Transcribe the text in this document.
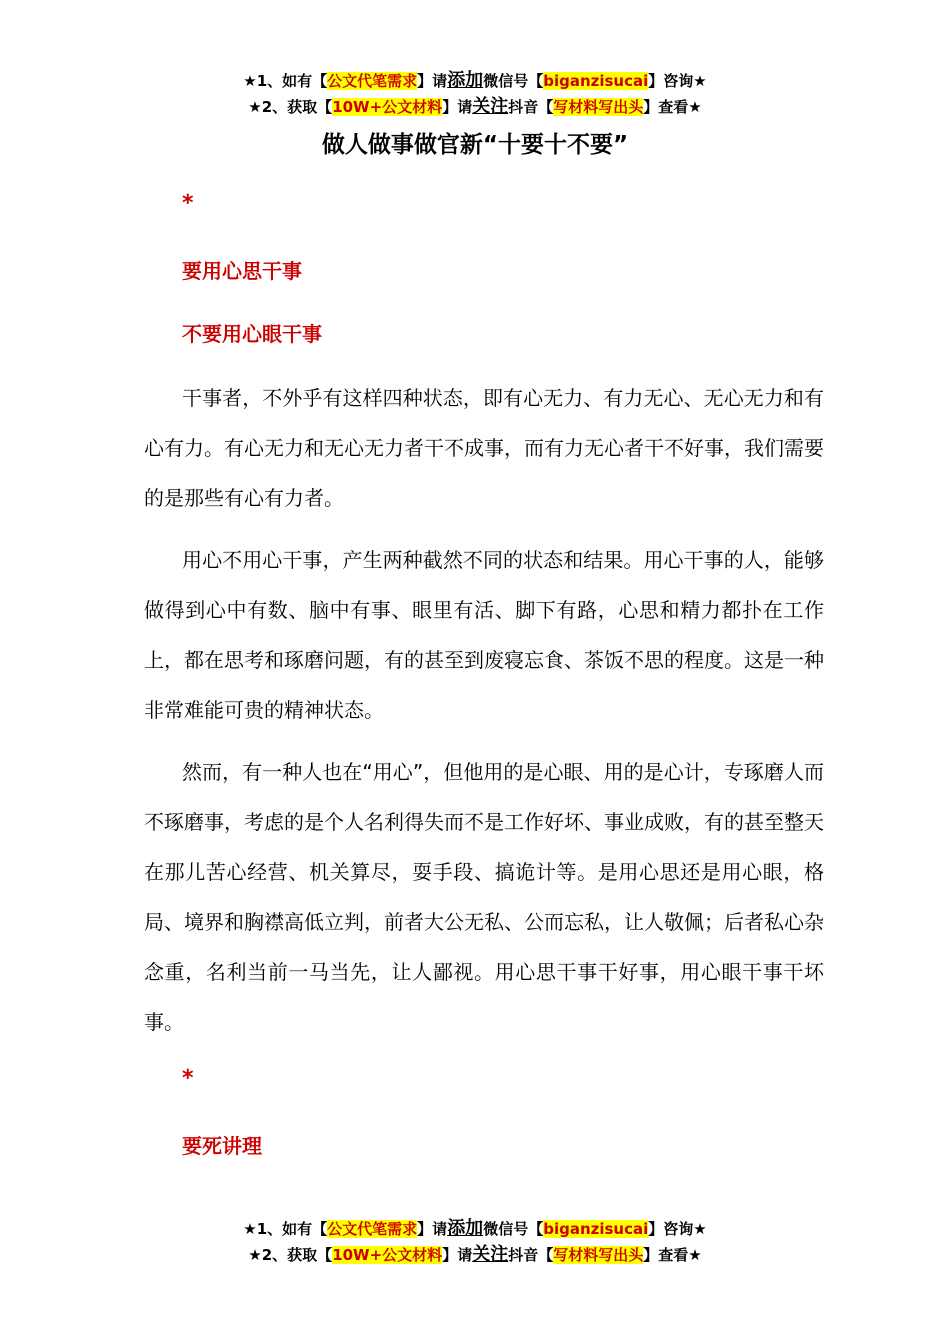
★1、如有【公文代笔需求】请添加微信号【biganzisucai】咨询★
★2、获取【10W+公文材料】请关注抖音【写材料写出头】查看★
做人做事做官新“十要十不要”
*
要用心思干事
不要用心眼干事

干事者，不外乎有这样四种状态，即有心无力、有力无心、无心无力和有心有力。有心无力和无心无力者干不成事，而有力无心者干不好事，我们需要的是那些有心有力者。

用心不用心干事，产生两种截然不同的状态和结果。用心干事的人，能够做得到心中有数、脑中有事、眼里有活、脚下有路，心思和精力都扑在工作上，都在思考和琢磨问题，有的甚至到废寝忘食、茶饭不思的程度。这是一种非常难能可贵的精神状态。

然而，有一种人也在“用心”，但他用的是心眼、用的是心计，专琢磨人而不琢磨事，考虑的是个人名利得失而不是工作好坏、事业成败，有的甚至整天在那儿苦心经营、机关算尽，耍手段、搞诡计等。是用心思还是用心眼，格局、境界和胸襟高低立判，前者大公无私、公而忘私，让人敬佩；后者私心杂念重，名利当前一马当先，让人鄙视。用心思干事干好事，用心眼干事干坏事。

*
要死讲理
★1、如有【公文代笔需求】请添加微信号【biganzisucai】咨询★
★2、获取【10W+公文材料】请关注抖音【写材料写出头】查看★
